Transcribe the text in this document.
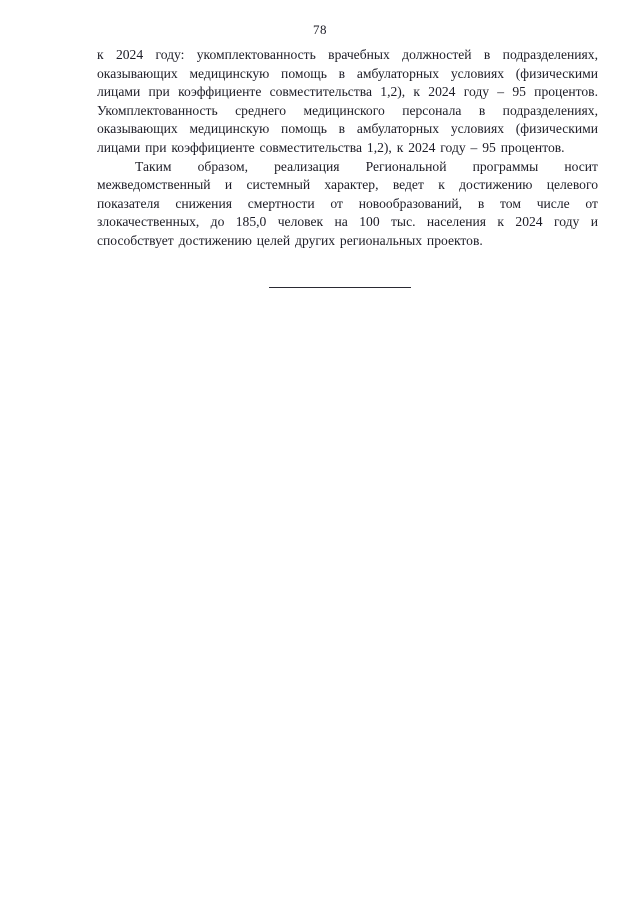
78

к 2024 году: укомплектованность врачебных должностей в подразделениях, оказывающих медицинскую помощь в амбулаторных условиях (физическими лицами при коэффициенте совместительства 1,2), к 2024 году – 95 процентов. Укомплектованность среднего медицинского персонала в подразделениях, оказывающих медицинскую помощь в амбулаторных условиях (физическими лицами при коэффициенте совместительства 1,2), к 2024 году – 95 процентов.

Таким образом, реализация Региональной программы носит межведомственный и системный характер, ведет к достижению целевого показателя снижения смертности от новообразований, в том числе от злокачественных, до 185,0 человек на 100 тыс. населения к 2024 году и способствует достижению целей других региональных проектов.
